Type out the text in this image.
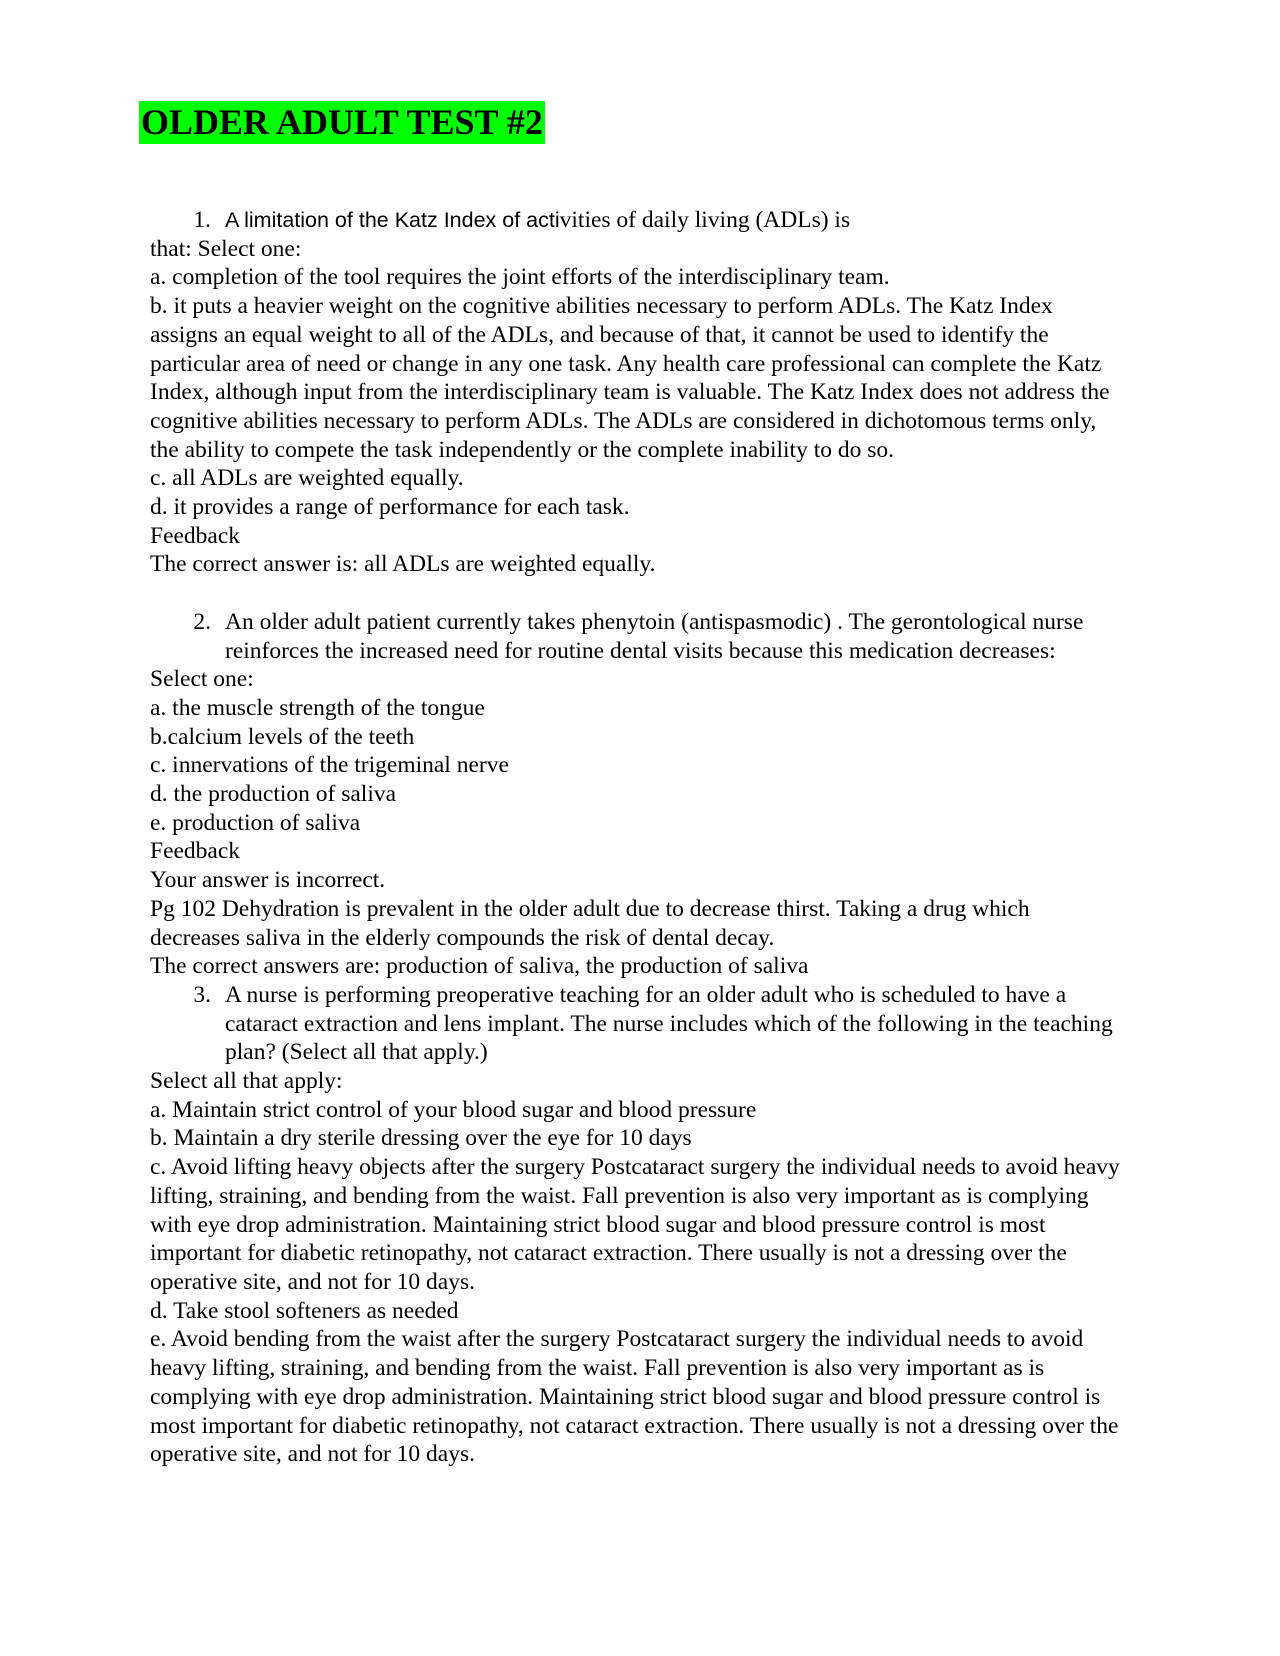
OLDER ADULT TEST #2
1. A limitation of the Katz Index of activities of daily living (ADLs) is

that: Select one:

a. completion of the tool requires the joint efforts of the interdisciplinary team.

b. it puts a heavier weight on the cognitive abilities necessary to perform ADLs. The Katz Index assigns an equal weight to all of the ADLs, and because of that, it cannot be used to identify the particular area of need or change in any one task. Any health care professional can complete the Katz Index, although input from the interdisciplinary team is valuable. The Katz Index does not address the cognitive abilities necessary to perform ADLs. The ADLs are considered in dichotomous terms only, the ability to compete the task independently or the complete inability to do so.

c. all ADLs are weighted equally.

d. it provides a range of performance for each task.

Feedback

The correct answer is: all ADLs are weighted equally.

2. An older adult patient currently takes phenytoin (antispasmodic) . The gerontological nurse reinforces the increased need for routine dental visits because this medication decreases:

Select one:

a. the muscle strength of the tongue

b.calcium levels of the teeth

c. innervations of the trigeminal nerve

d. the production of saliva

e. production of saliva

Feedback

Your answer is incorrect.

Pg 102 Dehydration is prevalent in the older adult due to decrease thirst. Taking a drug which decreases saliva in the elderly compounds the risk of dental decay.

The correct answers are: production of saliva, the production of saliva

3. A nurse is performing preoperative teaching for an older adult who is scheduled to have a cataract extraction and lens implant. The nurse includes which of the following in the teaching plan? (Select all that apply.)

Select all that apply:

a. Maintain strict control of your blood sugar and blood pressure

b. Maintain a dry sterile dressing over the eye for 10 days

c. Avoid lifting heavy objects after the surgery Postcataract surgery the individual needs to avoid heavy lifting, straining, and bending from the waist. Fall prevention is also very important as is complying with eye drop administration. Maintaining strict blood sugar and blood pressure control is most important for diabetic retinopathy, not cataract extraction. There usually is not a dressing over the operative site, and not for 10 days.

d. Take stool softeners as needed

e. Avoid bending from the waist after the surgery Postcataract surgery the individual needs to avoid heavy lifting, straining, and bending from the waist. Fall prevention is also very important as is complying with eye drop administration. Maintaining strict blood sugar and blood pressure control is most important for diabetic retinopathy, not cataract extraction. There usually is not a dressing over the operative site, and not for 10 days.
